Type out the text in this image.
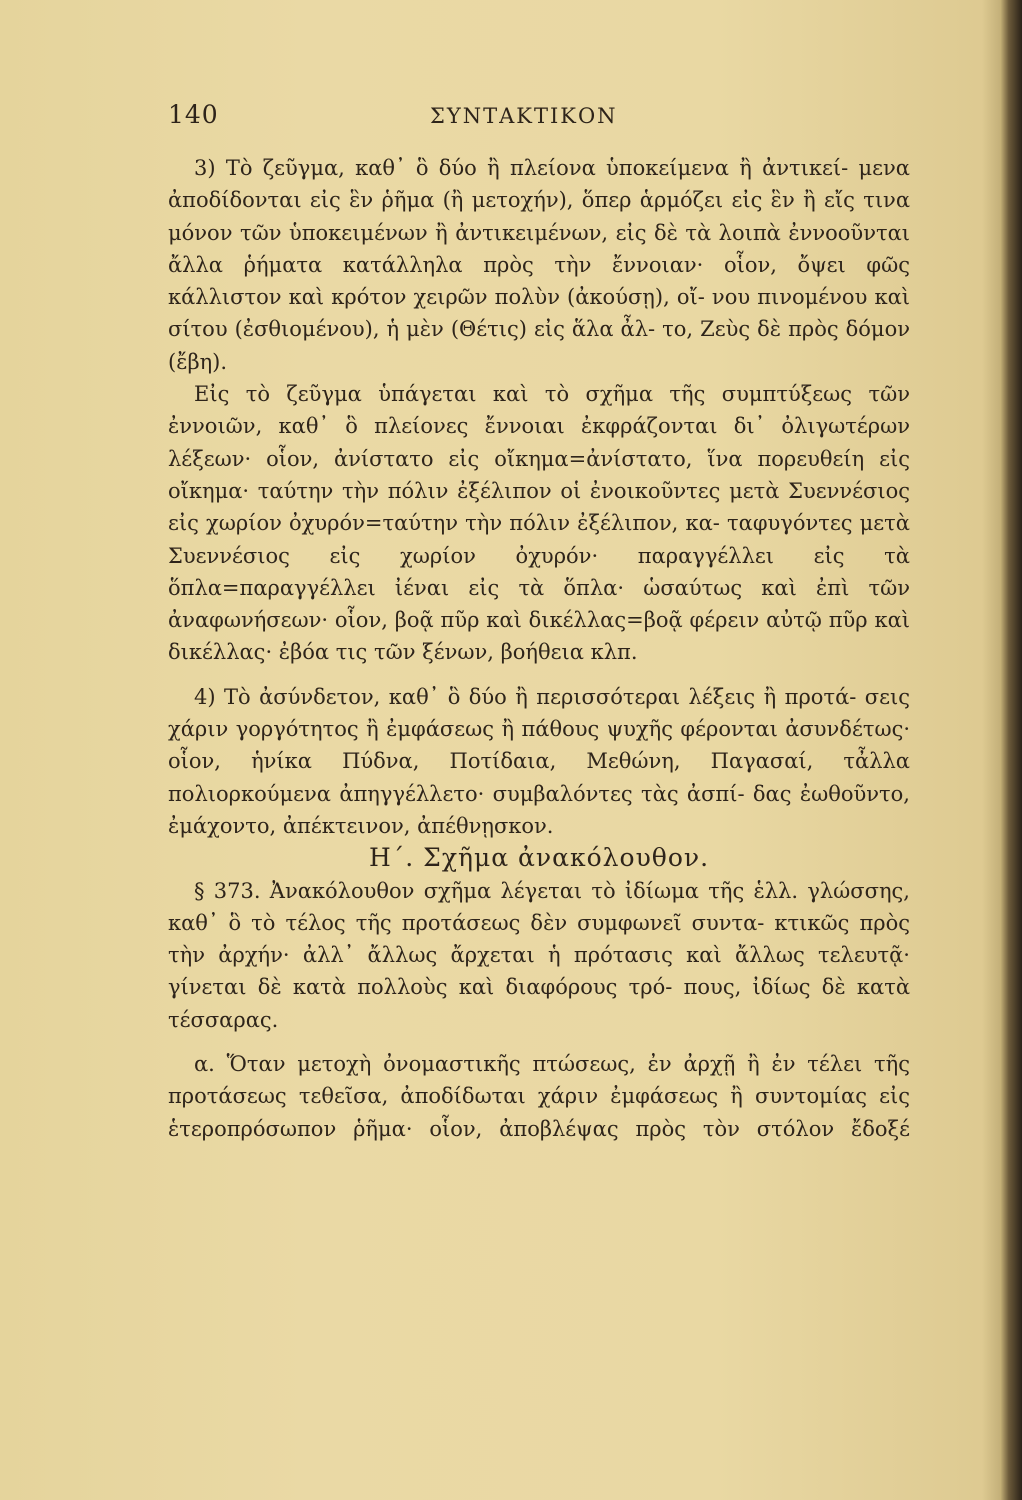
140	ΣΥΝΤΑΚΤΙΚΟΝ

3) Τὸ ζεῦγμα, καθ᾽ ὃ δύο ἢ πλείονα ὑποκείμενα ἢ ἀντικεί- μενα ἀποδίδονται εἰς ἓν ῥῆμα (ἢ μετοχήν), ὅπερ ἁρμόζει εἰς ἓν ἢ εἴς τινα μόνον τῶν ὑποκειμένων ἢ ἀντικειμένων, εἰς δὲ τὰ λοιπὰ ἐννοοῦνται ἄλλα ῥήματα κατάλληλα πρὸς τὴν ἔννοιαν· οἷον, ὄψει φῶς κάλλιστον καὶ κρότον χειρῶν πολὺν (ἀκούσῃ), οἴ- νου πινομένου καὶ σίτου (ἐσθιομένου), ἡ μὲν (Θέτις) εἰς ἅλα ἆλ- το, Ζεὺς δὲ πρὸς δόμον (ἔβη).

Εἰς τὸ ζεῦγμα ὑπάγεται καὶ τὸ σχῆμα τῆς συμπτύξεως τῶν ἐννοιῶν, καθ᾽ ὃ πλείονες ἔννοιαι ἐκφράζονται δι᾽ ὀλιγωτέρων λέξεων· οἷον, ἀνίστατο εἰς οἴκημα=ἀνίστατο, ἵνα πορευθείη εἰς οἴκημα· ταύτην τὴν πόλιν ἐξέλιπον οἱ ἐνοικοῦντες μετὰ Συεννέσιος εἰς χωρίον ὀχυρόν=ταύτην τὴν πόλιν ἐξέλιπον, κα- ταφυγόντες μετὰ Συεννέσιος εἰς χωρίον ὀχυρόν· παραγγέλλει εἰς τὰ ὅπλα=παραγγέλλει ἰέναι εἰς τὰ ὅπλα· ὡσαύτως καὶ ἐπὶ τῶν ἀναφωνήσεων· οἷον, βοᾷ πῦρ καὶ δικέλλας=βοᾷ φέρειν αὐτῷ πῦρ καὶ δικέλλας· ἐβόα τις τῶν ξένων, βοήθεια κλπ.

4) Τὸ ἀσύνδετον, καθ᾽ ὃ δύο ἢ περισσότεραι λέξεις ἢ προτά- σεις χάριν γοργότητος ἢ ἐμφάσεως ἢ πάθους ψυχῆς φέρονται ἀσυνδέτως· οἷον, ἡνίκα Πύδνα, Ποτίδαια, Μεθώνη, Παγασαί, τἆλλα πολιορκούμενα ἀπηγγέλλετο· συμβαλόντες τὰς ἀσπί- δας ἐωθοῦντο, ἐμάχοντο, ἀπέκτεινον, ἀπέθνῃσκον.

Η΄. Σχῆμα ἀνακόλουθον.

§ 373. Ἀνακόλουθον σχῆμα λέγεται τὸ ἰδίωμα τῆς ἑλλ. γλώσσης, καθ᾽ ὃ τὸ τέλος τῆς προτάσεως δὲν συμφωνεῖ συντα- κτικῶς πρὸς τὴν ἀρχήν· ἀλλ᾽ ἄλλως ἄρχεται ἡ πρότασις καὶ ἄλλως τελευτᾷ· γίνεται δὲ κατὰ πολλοὺς καὶ διαφόρους τρό- πους, ἰδίως δὲ κατὰ τέσσαρας.

α. Ὅταν μετοχὴ ὀνομαστικῆς πτώσεως, ἐν ἀρχῇ ἢ ἐν τέλει τῆς προτάσεως τεθεῖσα, ἀποδίδωται χάριν ἐμφάσεως ἢ συντομίας εἰς ἑτεροπρόσωπον ῥῆμα· οἷον, ἀποβλέψας πρὸς τὸν στόλον ἔδοξέ
